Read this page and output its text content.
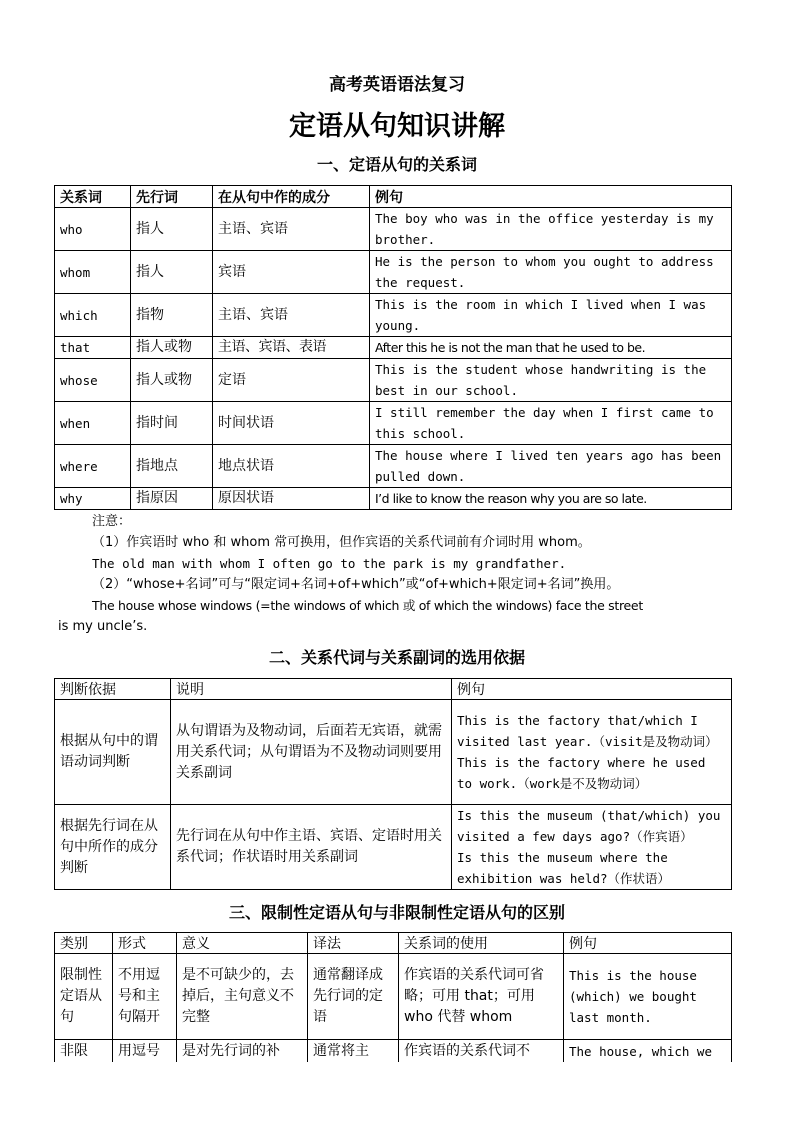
高考英语语法复习
定语从句知识讲解
一、定语从句的关系词
关系词	先行词	在从句中作的成分	例句
who	指人	主语、宾语	The boy who was in the office yesterday is my brother.
whom	指人	宾语	He is the person to whom you ought to address the request.
which	指物	主语、宾语	This is the room in which I lived when I was young.
that	指人或物	主语、宾语、表语	After this he is not the man that he used to be.
whose	指人或物	定语	This is the student whose handwriting is the best in our school.
when	指时间	时间状语	I still remember the day when I first came to this school.
where	指地点	地点状语	The house where I lived ten years ago has been pulled down.
why	指原因	原因状语	I’d like to know the reason why you are so late.

注意：

（1）作宾语时 who 和 whom 常可换用，但作宾语的关系代词前有介词时用 whom。

The old man with whom I often go to the park is my grandfather.

（2）“whose+名词”可与“限定词+名词+of+which”或“of+which+限定词+名词”换用。

The house whose windows (=the windows of which 或 of which the windows) face the street

is my uncle’s.

二、关系代词与关系副词的选用依据
判断依据	说明	例句
根据从句中的谓语动词判断	从句谓语为及物动词，后面若无宾语，就需用关系代词；从句谓语为不及物动词则要用关系副词	This is the factory that/which I visited last year.（visit是及物动词）
This is the factory where he used to work.（work是不及物动词）

根据先行词在从句中所作的成分判断	先行词在从句中作主语、宾语、定语时用关系代词；作状语时用关系副词	Is this the museum (that/which) you visited a few days ago?（作宾语）
Is this the museum where the exhibition was held?（作状语）
三、限制性定语从句与非限制性定语从句的区别
类别	形式	意义	译法	关系词的使用	例句
限制性定语从句	不用逗号和主句隔开	是不可缺少的，去掉后，主句意义不完整	通常翻译成先行词的定语	作宾语的关系代词可省略；可用 that；可用 who 代替 whom	This is the house (which) we bought last month.
非限	用逗号	是对先行词的补	通常将主	作宾语的关系代词不	The house, which we
